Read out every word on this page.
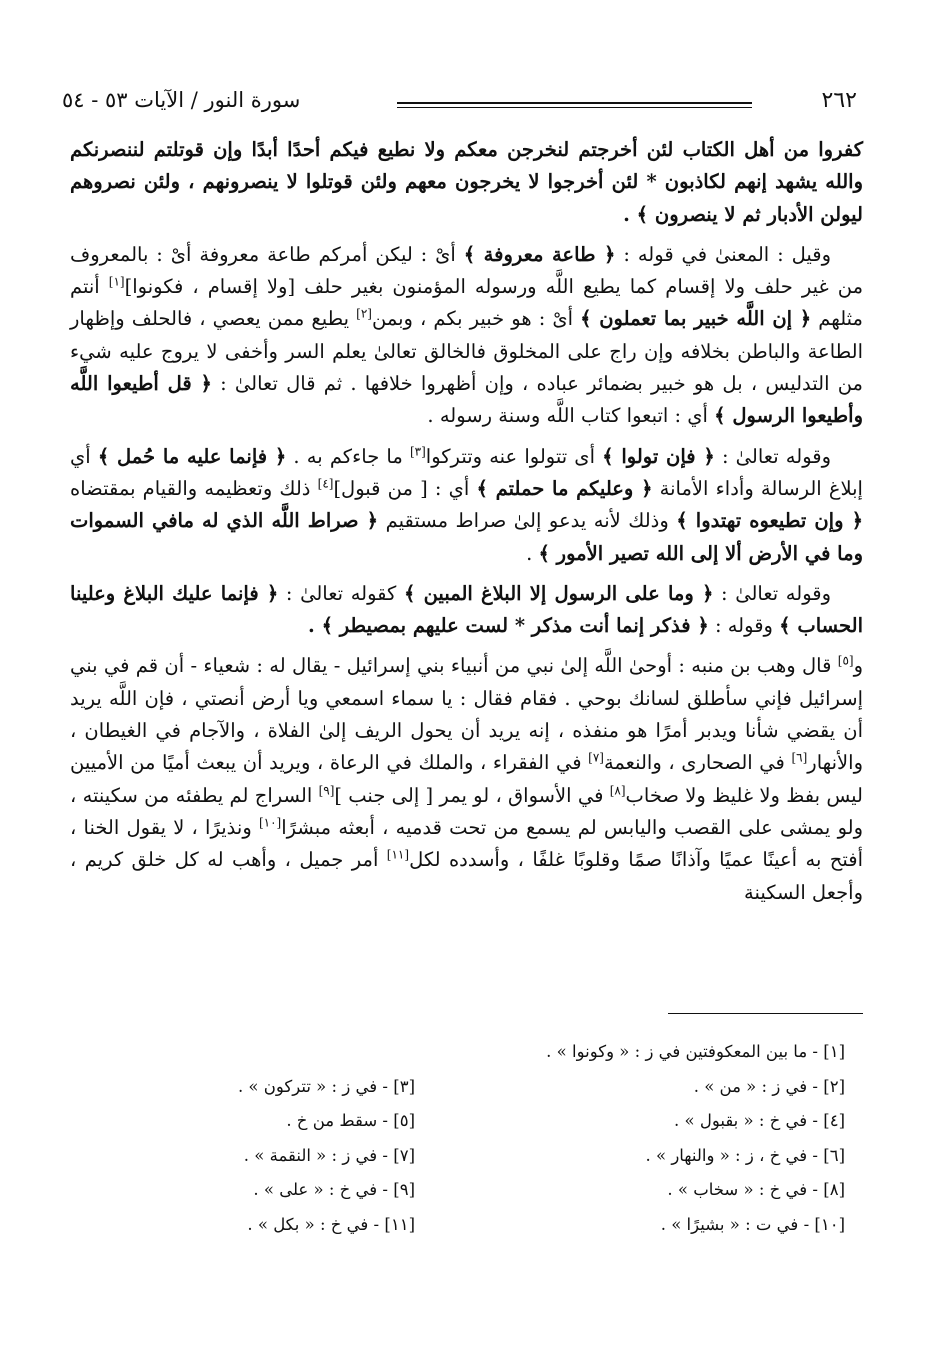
٢٦٢
سورة النور / الآيات ٥٣ - ٥٤

كفروا من أهل الكتاب لئن أخرجتم لنخرجن معكم ولا نطيع فيكم أحدًا أبدًا وإن قوتلتم لننصرنكم والله يشهد إنهم لكاذبون * لئن أخرجوا لا يخرجون معهم ولئن قوتلوا لا ينصرونهم ، ولئن نصروهم ليولن الأدبار ثم لا ينصرون ﴾ .

وقيل : المعنىٰ في قوله : ﴿ طاعة معروفة ﴾ أىْ : ليكن أمركم طاعة معروفة أىْ : بالمعروف من غير حلف ولا إقسام كما يطيع اللَّه ورسوله المؤمنون بغير حلف [ولا إقسام ، فكونوا][١] أنتم مثلهم ﴿ إن اللَّه خبير بما تعملون ﴾ أىْ : هو خبير بكم ، وبمن[٢] يطيع ممن يعصي ، فالحلف وإظهار الطاعة والباطن بخلافه وإن راج على المخلوق فالخالق تعالىٰ يعلم السر وأخفى لا يروج عليه شيء من التدليس ، بل هو خبير بضمائر عباده ، وإن أظهروا خلافها . ثم قال تعالىٰ : ﴿ قل أطيعوا اللَّه وأطيعوا الرسول ﴾ أي : اتبعوا كتاب اللَّه وسنة رسوله .

وقوله تعالىٰ : ﴿ فإن تولوا ﴾ أى تتولوا عنه وتتركوا[٣] ما جاءكم به . ﴿ فإنما عليه ما حُمل ﴾ أي إبلاغ الرسالة وأداء الأمانة ﴿ وعليكم ما حملتم ﴾ أي : [ من قبول][٤] ذلك وتعظيمه والقيام بمقتضاه ﴿ وإن تطيعوه تهتدوا ﴾ وذلك لأنه يدعو إلىٰ صراط مستقيم ﴿ صراط اللَّه الذي له مافي السموات وما في الأرض ألا إلى الله تصير الأمور ﴾ .

وقوله تعالىٰ : ﴿ وما على الرسول إلا البلاغ المبين ﴾ كقوله تعالىٰ : ﴿ فإنما عليك البلاغ وعلينا الحساب ﴾ وقوله : ﴿ فذكر إنما أنت مذكر * لست عليهم بمصيطر ﴾ .

و[٥] قال وهب بن منبه : أوحىٰ اللَّه إلىٰ نبي من أنبياء بني إسرائيل - يقال له : شعياء - أن قم في بني إسرائيل فإني سأطلق لسانك بوحي . فقام فقال : يا سماء اسمعي ويا أرض أنصتي ، فإن اللَّه يريد أن يقضي شأنا ويدبر أمرًا هو منفذه ، إنه يريد أن يحول الريف إلىٰ الفلاة ، والآجام في الغيطان ، والأنهار[٦] في الصحارى ، والنعمة[٧] في الفقراء ، والملك في الرعاة ، ويريد أن يبعث أميًا من الأميين ليس بفظ ولا غليظ ولا صخاب[٨] في الأسواق ، لو يمر [ إلى جنب ][٩] السراج لم يطفئه من سكينته ، ولو يمشى على القصب واليابس لم يسمع من تحت قدميه ، أبعثه مبشرًا[١٠] ونذيرًا ، لا يقول الخنا ، أفتح به أعينًا عميًا وآذانًا صمًا وقلوبًا غلفًا ، وأسدده لكل[١١] أمر جميل ، وأهب له كل خلق كريم ، وأجعل السكينة

[١] - ما بين المعكوفتين في ز : « وكونوا » .
[٢] - في ز : « من » .
[٣] - في ز : « تتركون » .
[٤] - في خ : « بقبول » .
[٥] - سقط من خ .
[٦] - في خ ، ز : « والنهار » .
[٧] - في ز : « النقمة » .
[٨] - في خ : « سخاب » .
[٩] - في خ : « على » .
[١٠] - في ت : « بشيرًا » .
[١١] - في خ : « بكل » .
